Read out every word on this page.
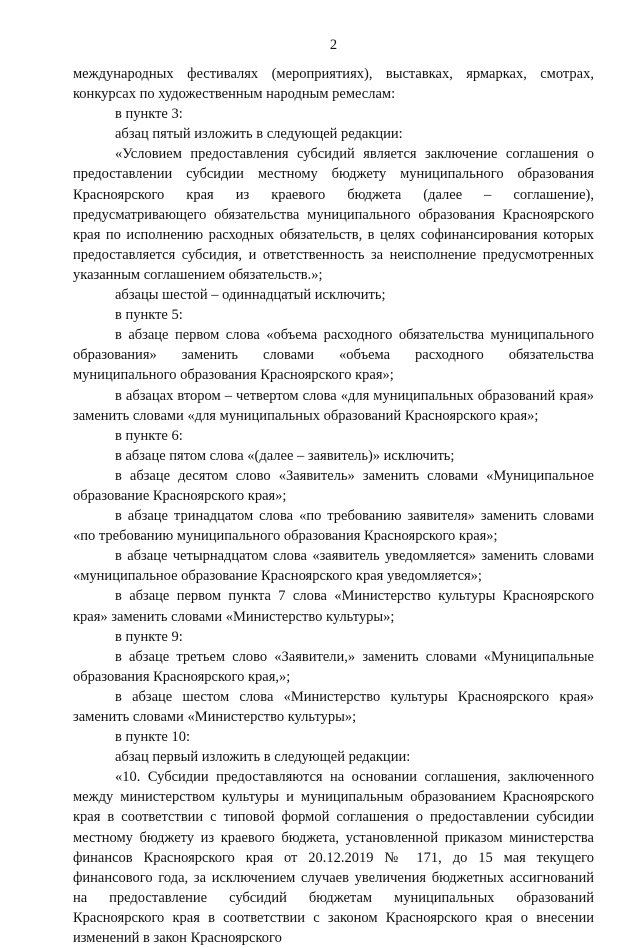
2

международных фестивалях (мероприятиях), выставках, ярмарках, смотрах, конкурсах по художественным народным ремеслам:

в пункте 3:

абзац пятый изложить в следующей редакции:

«Условием предоставления субсидий является заключение соглашения о предоставлении субсидии местному бюджету муниципального образования Красноярского края из краевого бюджета (далее – соглашение), предусматривающего обязательства муниципального образования Красноярского края по исполнению расходных обязательств, в целях софинансирования которых предоставляется субсидия, и ответственность за неисполнение предусмотренных указанным соглашением обязательств.»;

абзацы шестой – одиннадцатый исключить;

в пункте 5:

в абзаце первом слова «объема расходного обязательства муниципального образования» заменить словами «объема расходного обязательства муниципального образования Красноярского края»;

в абзацах втором – четвертом слова «для муниципальных образований края» заменить словами «для муниципальных образований Красноярского края»;

в пункте 6:

в абзаце пятом слова «(далее – заявитель)» исключить;

в абзаце десятом слово «Заявитель» заменить словами «Муниципальное образование Красноярского края»;

в абзаце тринадцатом слова «по требованию заявителя» заменить словами «по требованию муниципального образования Красноярского края»;

в абзаце четырнадцатом слова «заявитель уведомляется» заменить словами «муниципальное образование Красноярского края уведомляется»;

в абзаце первом пункта 7 слова «Министерство культуры Красноярского края» заменить словами «Министерство культуры»;

в пункте 9:

в абзаце третьем слово «Заявители,» заменить словами «Муниципальные образования Красноярского края,»;

в абзаце шестом слова «Министерство культуры Красноярского края» заменить словами «Министерство культуры»;

в пункте 10:

абзац первый изложить в следующей редакции:

«10. Субсидии предоставляются на основании соглашения, заключенного между министерством культуры и муниципальным образованием Красноярского края в соответствии с типовой формой соглашения о предоставлении субсидии местному бюджету из краевого бюджета, установленной приказом министерства финансов Красноярского края от 20.12.2019 № 171, до 15 мая текущего финансового года, за исключением случаев увеличения бюджетных ассигнований на предоставление субсидий бюджетам муниципальных образований Красноярского края в соответствии с законом Красноярского края о внесении изменений в закон Красноярского
